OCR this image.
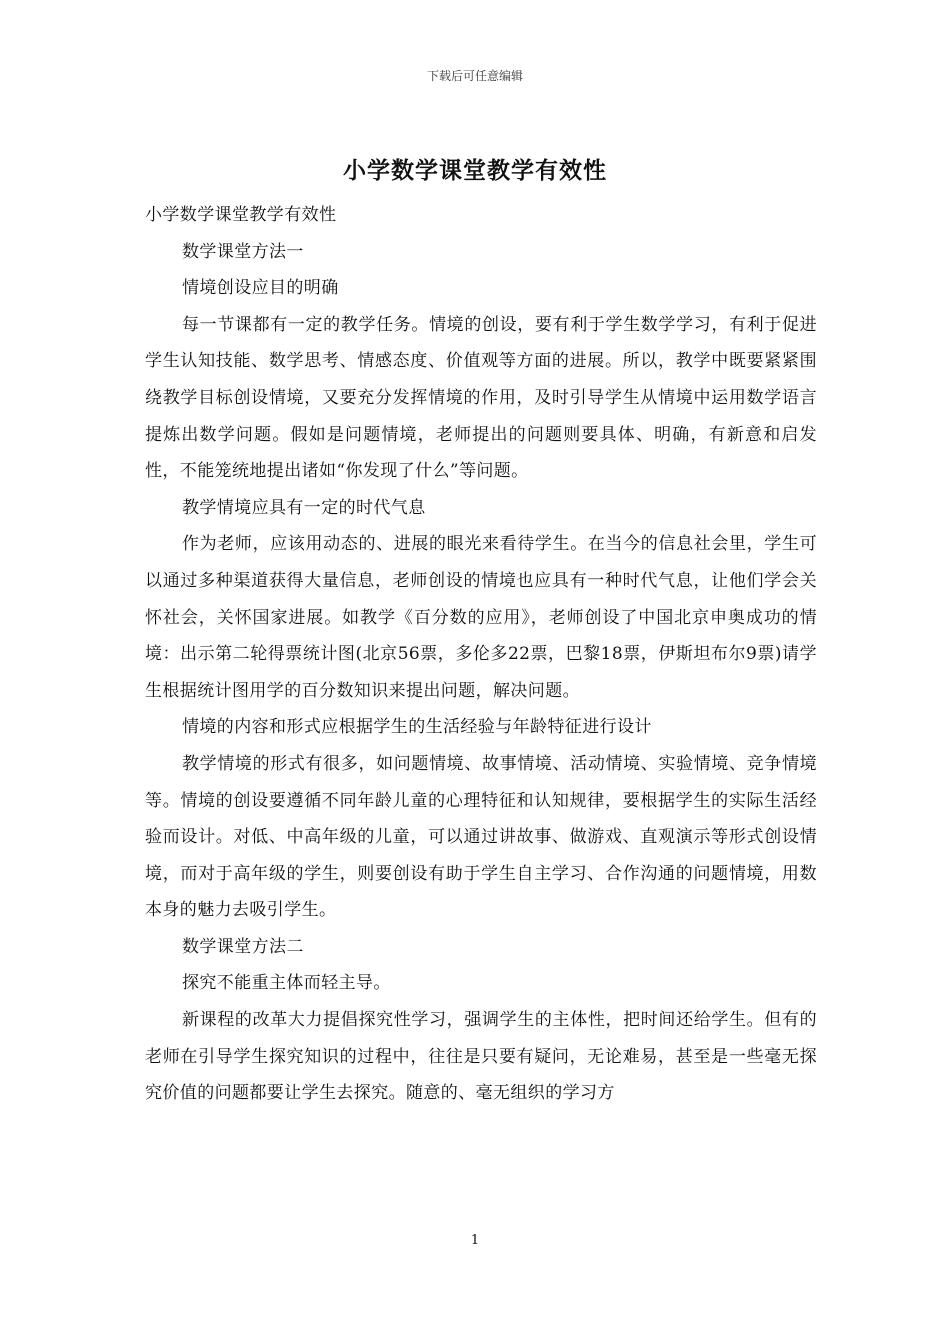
下载后可任意编辑
小学数学课堂教学有效性

小学数学课堂教学有效性

数学课堂方法一

情境创设应目的明确

每一节课都有一定的教学任务。情境的创设，要有利于学生数学学习，有利于促进学生认知技能、数学思考、情感态度、价值观等方面的进展。所以，教学中既要紧紧围绕教学目标创设情境，又要充分发挥情境的作用，及时引导学生从情境中运用数学语言提炼出数学问题。假如是问题情境，老师提出的问题则要具体、明确，有新意和启发性，不能笼统地提出诸如“你发现了什么”等问题。

教学情境应具有一定的时代气息

作为老师，应该用动态的、进展的眼光来看待学生。在当今的信息社会里，学生可以通过多种渠道获得大量信息，老师创设的情境也应具有一种时代气息，让他们学会关怀社会，关怀国家进展。如教学《百分数的应用》，老师创设了中国北京申奥成功的情境：出示第二轮得票统计图(北京56票，多伦多22票，巴黎18票，伊斯坦布尔9票)请学生根据统计图用学的百分数知识来提出问题，解决问题。

情境的内容和形式应根据学生的生活经验与年龄特征进行设计

教学情境的形式有很多，如问题情境、故事情境、活动情境、实验情境、竞争情境等。情境的创设要遵循不同年龄儿童的心理特征和认知规律，要根据学生的实际生活经验而设计。对低、中高年级的儿童，可以通过讲故事、做游戏、直观演示等形式创设情境，而对于高年级的学生，则要创设有助于学生自主学习、合作沟通的问题情境，用数本身的魅力去吸引学生。

数学课堂方法二

探究不能重主体而轻主导。

新课程的改革大力提倡探究性学习，强调学生的主体性，把时间还给学生。但有的老师在引导学生探究知识的过程中，往往是只要有疑问，无论难易，甚至是一些毫无探究价值的问题都要让学生去探究。随意的、毫无组织的学习方

1
